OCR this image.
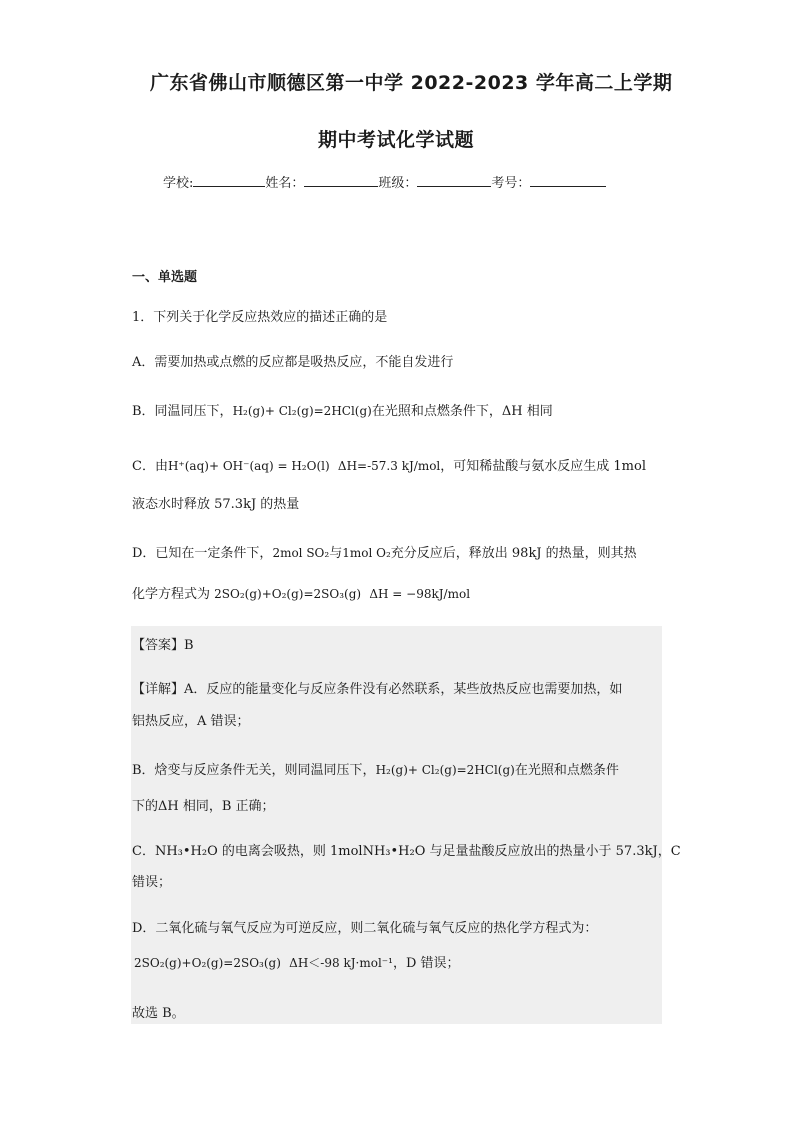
广东省佛山市顺德区第一中学 2022-2023 学年高二上学期
期中考试化学试题
学校:	姓名：	班级：	考号：
一、单选题
1．下列关于化学反应热效应的描述正确的是
A．需要加热或点燃的反应都是吸热反应，不能自发进行
B．同温同压下，H₂(g)+ Cl₂(g)=2HCl(g)在光照和点燃条件下，ΔH 相同
C．由H⁺(aq)+ OH⁻(aq) = H₂O(l) ΔH=-57.3 kJ/mol，可知稀盐酸与氨水反应生成 1mol
液态水时释放 57.3kJ 的热量
D．已知在一定条件下，2mol SO₂与1mol O₂充分反应后，释放出 98kJ 的热量，则其热
化学方程式为 2SO₂(g)+O₂(g)=2SO₃(g) ΔH = −98kJ/mol
【答案】B
【详解】A．反应的能量变化与反应条件没有必然联系，某些放热反应也需要加热，如
铝热反应，A 错误；
B．焓变与反应条件无关，则同温同压下，H₂(g)+ Cl₂(g)=2HCl(g)在光照和点燃条件
下的ΔH 相同，B 正确；
C．NH₃•H₂O 的电离会吸热，则 1molNH₃•H₂O 与足量盐酸反应放出的热量小于 57.3kJ，C
错误；
D．二氧化硫与氧气反应为可逆反应，则二氧化硫与氧气反应的热化学方程式为：
2SO₂(g)+O₂(g)=2SO₃(g) ΔH＜-98 kJ·mol⁻¹，D 错误；
故选 B。
